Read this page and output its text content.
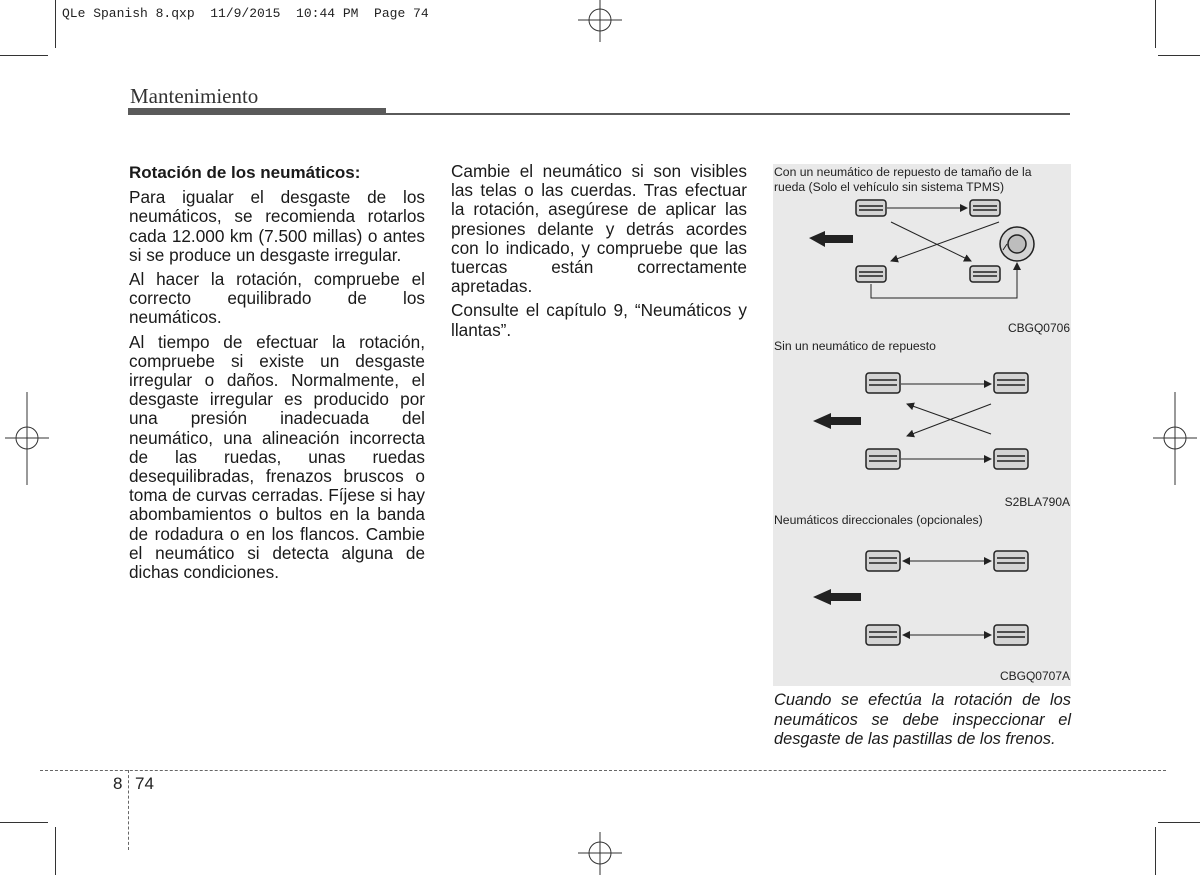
QLe Spanish 8.qxp  11/9/2015  10:44 PM  Page 74
Mantenimiento
Rotación de los neumáticos:

Para igualar el desgaste de los neumáticos, se recomienda rotarlos cada 12.000 km (7.500 millas) o antes si se produce un desgaste irregular.

Al hacer la rotación, compruebe el correcto equilibrado de los neumáticos.

Al tiempo de efectuar la rotación, compruebe si existe un desgaste irregular o daños. Normalmente, el desgaste irregular es producido por una presión inadecuada del neumático, una alineación incorrecta de las ruedas, unas ruedas desequilibradas, frenazos bruscos o toma de curvas cerradas. Fíjese si hay abombamientos o bultos en la banda de rodadura o en los flancos. Cambie el neumático si detecta alguna de dichas condiciones.

Cambie el neumático si son visibles las telas o las cuerdas. Tras efectuar la rotación, asegúrese de aplicar las presiones delante y detrás acordes con lo indicado, y compruebe que las tuercas están correctamente apretadas.

Consulte el capítulo 9, “Neumáticos y llantas”.

Con un neumático de repuesto de tamaño de la rueda (Solo el vehículo sin sistema TPMS)
CBGQ0706
Sin un neumático de repuesto
S2BLA790A
Neumáticos direccionales (opcionales)
CBGQ0707A
Cuando se efectúa la rotación de los neumáticos se debe inspeccionar el desgaste de las pastillas de los frenos.
8 74
